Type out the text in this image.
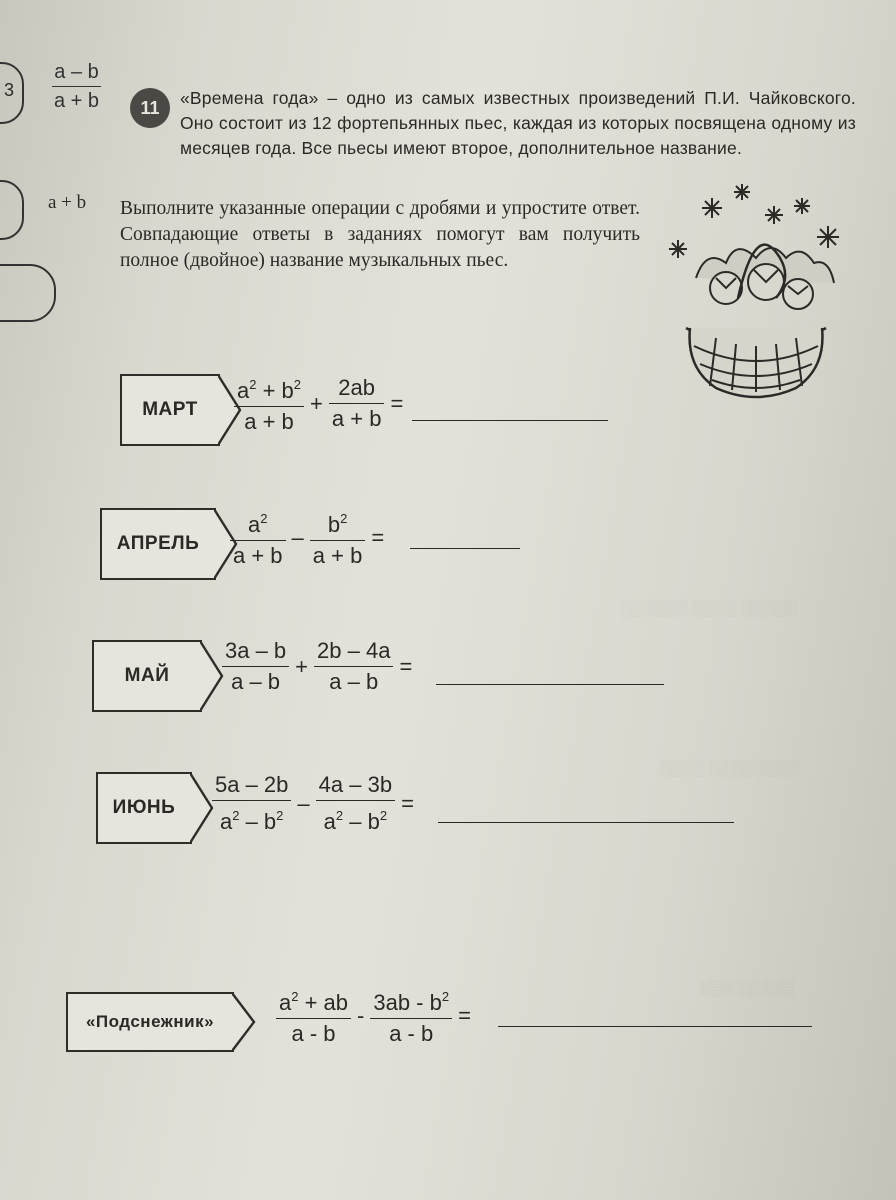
░░░░░ ░░░░ ░░░░░░
░░░░░░░░ ░░░░
░░░░░ ░░░
3
a – b
a + b
a + b
11	«Времена года» – одно из самых известных произведений П.И. Чайковского. Оно состоит из 12 фортепьянных пьес, каждая из которых посвящена одному из месяцев года. Все пьесы имеют второе, дополнительное название.
Выполните указанные операции с дробями и упростите ответ. Совпадающие ответы в заданиях помогут вам получить полное (двойное) название музыкальных пьес.
МАРТ	$\frac{a^2 + b^2}{a + b} + \frac{2ab}{a + b}$ =
АПРЕЛЬ	$\frac{a^2}{a + b} - \frac{b^2}{a + b}$ =
МАЙ	$\frac{3a - b}{a - b} + \frac{2b - 4a}{a - b}$ =
ИЮНЬ	$\frac{5a - 2b}{a^2 - b^2} - \frac{4a - 3b}{a^2 - b^2}$ =
«Подснежник»	$\frac{a^2 + ab}{a - b} - \frac{3ab - b^2}{a - b}$ =
